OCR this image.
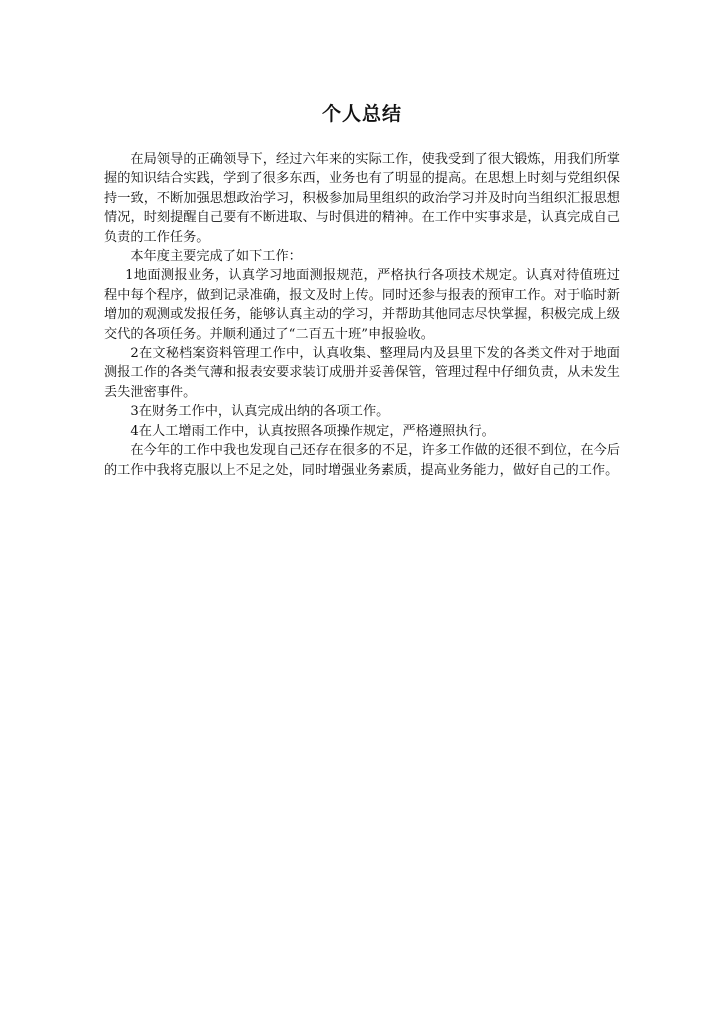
个人总结

在局领导的正确领导下，经过六年来的实际工作，使我受到了很大锻炼，用我们所掌握的知识结合实践，学到了很多东西，业务也有了明显的提高。在思想上时刻与党组织保持一致，不断加强思想政治学习，积极参加局里组织的政治学习并及时向当组织汇报思想情况，时刻提醒自己要有不断进取、与时俱进的精神。在工作中实事求是，认真完成自己负责的工作任务。

本年度主要完成了如下工作：

1地面测报业务，认真学习地面测报规范，严格执行各项技术规定。认真对待值班过程中每个程序，做到记录准确，报文及时上传。同时还参与报表的预审工作。对于临时新增加的观测或发报任务，能够认真主动的学习，并帮助其他同志尽快掌握，积极完成上级交代的各项任务。并顺利通过了“二百五十班”申报验收。

2在文秘档案资料管理工作中，认真收集、整理局内及县里下发的各类文件对于地面测报工作的各类气薄和报表安要求装订成册并妥善保管，管理过程中仔细负责，从未发生丢失泄密事件。

3在财务工作中，认真完成出纳的各项工作。

4在人工增雨工作中，认真按照各项操作规定，严格遵照执行。

在今年的工作中我也发现自己还存在很多的不足，许多工作做的还很不到位，在今后的工作中我将克服以上不足之处，同时增强业务素质，提高业务能力，做好自己的工作。
